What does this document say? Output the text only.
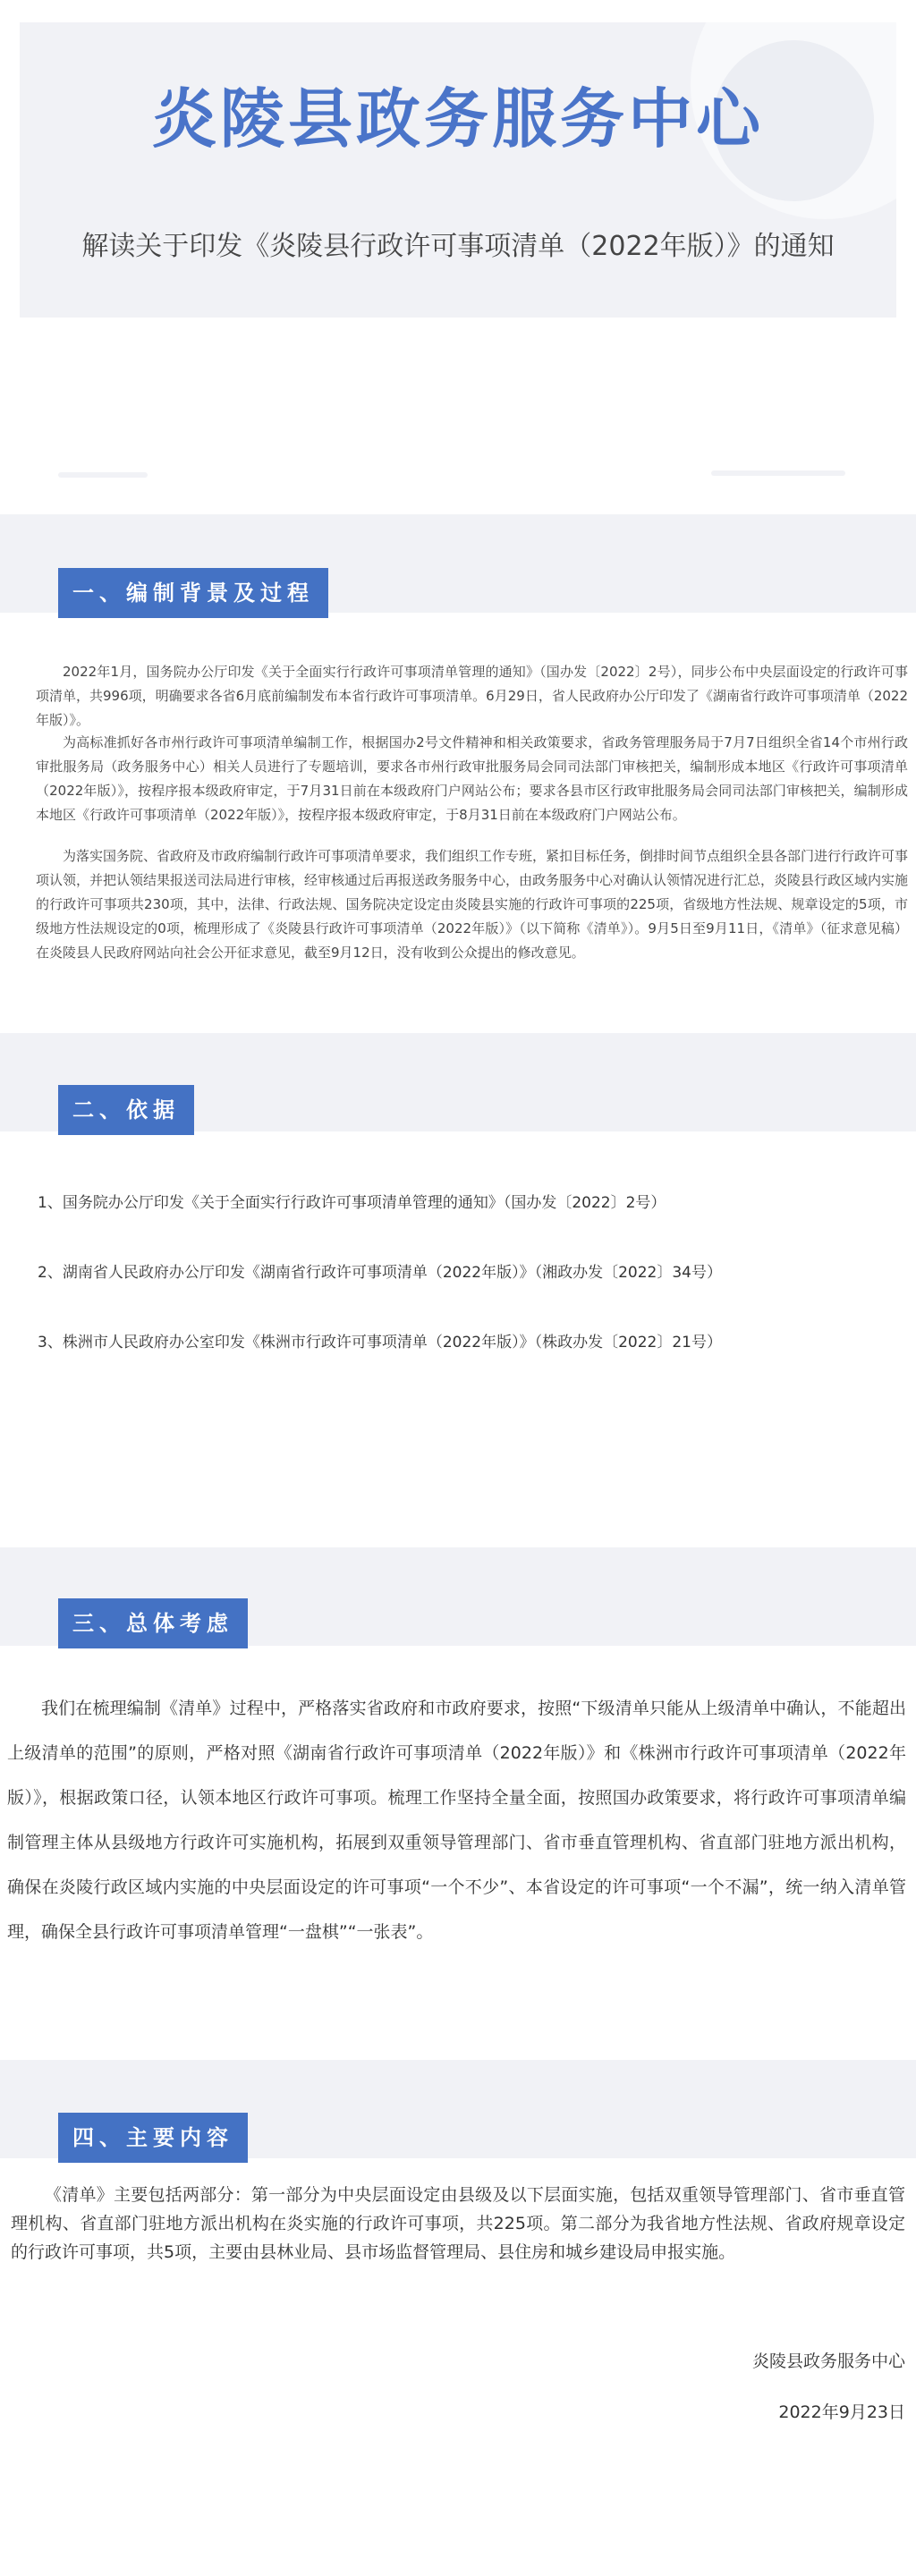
炎陵县政务服务中心
解读关于印发《炎陵县行政许可事项清单（2022年版）》的通知
一、编制背景及过程

2022年1月，国务院办公厅印发《关于全面实行行政许可事项清单管理的通知》（国办发〔2022〕2号），同步公布中央层面设定的行政许可事项清单，共996项，明确要求各省6月底前编制发布本省行政许可事项清单。6月29日，省人民政府办公厅印发了《湖南省行政许可事项清单（2022年版）》。

为高标准抓好各市州行政许可事项清单编制工作，根据国办2号文件精神和相关政策要求，省政务管理服务局于7月7日组织全省14个市州行政审批服务局（政务服务中心）相关人员进行了专题培训，要求各市州行政审批服务局会同司法部门审核把关，编制形成本地区《行政许可事项清单（2022年版）》，按程序报本级政府审定，于7月31日前在本级政府门户网站公布；要求各县市区行政审批服务局会同司法部门审核把关，编制形成本地区《行政许可事项清单（2022年版）》，按程序报本级政府审定，于8月31日前在本级政府门户网站公布。

为落实国务院、省政府及市政府编制行政许可事项清单要求，我们组织工作专班，紧扣目标任务，倒排时间节点组织全县各部门进行行政许可事项认领，并把认领结果报送司法局进行审核，经审核通过后再报送政务服务中心，由政务服务中心对确认认领情况进行汇总，炎陵县行政区域内实施的行政许可事项共230项，其中，法律、行政法规、国务院决定设定由炎陵县实施的行政许可事项的225项，省级地方性法规、规章设定的5项，市级地方性法规设定的0项，梳理形成了《炎陵县行政许可事项清单（2022年版）》（以下简称《清单》）。9月5日至9月11日，《清单》（征求意见稿）在炎陵县人民政府网站向社会公开征求意见，截至9月12日，没有收到公众提出的修改意见。

二、依据
1、国务院办公厅印发《关于全面实行行政许可事项清单管理的通知》（国办发〔2022〕2号）
2、湖南省人民政府办公厅印发《湖南省行政许可事项清单（2022年版）》（湘政办发〔2022〕34号）
3、株洲市人民政府办公室印发《株洲市行政许可事项清单（2022年版）》（株政办发〔2022〕21号）
三、总体考虑

我们在梳理编制《清单》过程中，严格落实省政府和市政府要求，按照“下级清单只能从上级清单中确认，不能超出上级清单的范围”的原则，严格对照《湖南省行政许可事项清单（2022年版）》和《株洲市行政许可事项清单（2022年版）》，根据政策口径，认领本地区行政许可事项。梳理工作坚持全量全面，按照国办政策要求，将行政许可事项清单编制管理主体从县级地方行政许可实施机构，拓展到双重领导管理部门、省市垂直管理机构、省直部门驻地方派出机构，确保在炎陵行政区域内实施的中央层面设定的许可事项“一个不少”、本省设定的许可事项“一个不漏”，统一纳入清单管理，确保全县行政许可事项清单管理“一盘棋”“一张表”。

四、主要内容

《清单》主要包括两部分：第一部分为中央层面设定由县级及以下层面实施，包括双重领导管理部门、省市垂直管理机构、省直部门驻地方派出机构在炎实施的行政许可事项，共225项。第二部分为我省地方性法规、省政府规章设定的行政许可事项，共5项，主要由县林业局、县市场监督管理局、县住房和城乡建设局申报实施。

炎陵县政务服务中心
2022年9月23日
